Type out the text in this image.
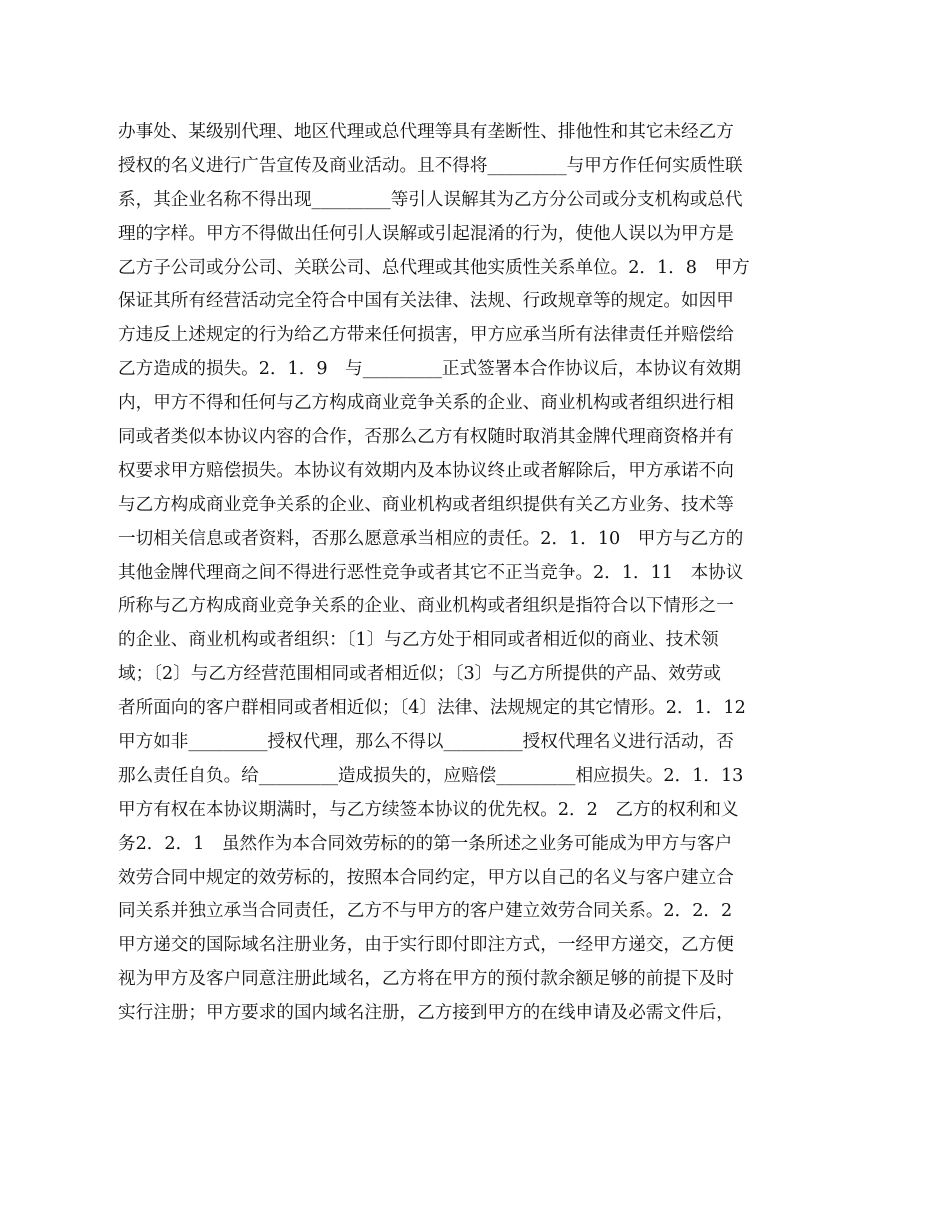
办事处、某级别代理、地区代理或总代理等具有垄断性、排他性和其它未经乙方
授权的名义进行广告宣传及商业活动。且不得将_________与甲方作任何实质性联
系，其企业名称不得出现_________等引人误解其为乙方分公司或分支机构或总代
理的字样。甲方不得做出任何引人误解或引起混淆的行为，使他人误以为甲方是
乙方子公司或分公司、关联公司、总代理或其他实质性关系单位。2．1．8　甲方
保证其所有经营活动完全符合中国有关法律、法规、行政规章等的规定。如因甲
方违反上述规定的行为给乙方带来任何损害，甲方应承当所有法律责任并赔偿给
乙方造成的损失。2．1．9　与_________正式签署本合作协议后，本协议有效期
内，甲方不得和任何与乙方构成商业竞争关系的企业、商业机构或者组织进行相
同或者类似本协议内容的合作，否那么乙方有权随时取消其金牌代理商资格并有
权要求甲方赔偿损失。本协议有效期内及本协议终止或者解除后，甲方承诺不向
与乙方构成商业竞争关系的企业、商业机构或者组织提供有关乙方业务、技术等
一切相关信息或者资料，否那么愿意承当相应的责任。2．1．10　甲方与乙方的
其他金牌代理商之间不得进行恶性竞争或者其它不正当竞争。2．1．11　本协议
所称与乙方构成商业竞争关系的企业、商业机构或者组织是指符合以下情形之一
的企业、商业机构或者组织：〔1〕与乙方处于相同或者相近似的商业、技术领
域；〔2〕与乙方经营范围相同或者相近似；〔3〕与乙方所提供的产品、效劳或
者所面向的客户群相同或者相近似；〔4〕法律、法规规定的其它情形。2．1．12
甲方如非_________授权代理，那么不得以_________授权代理名义进行活动，否
那么责任自负。给_________造成损失的，应赔偿_________相应损失。2．1．13
甲方有权在本协议期满时，与乙方续签本协议的优先权。2．2　乙方的权利和义
务2．2．1　虽然作为本合同效劳标的的第一条所述之业务可能成为甲方与客户
效劳合同中规定的效劳标的，按照本合同约定，甲方以自己的名义与客户建立合
同关系并独立承当合同责任，乙方不与甲方的客户建立效劳合同关系。2．2．2
甲方递交的国际域名注册业务，由于实行即付即注方式，一经甲方递交，乙方便
视为甲方及客户同意注册此域名，乙方将在甲方的预付款余额足够的前提下及时
实行注册；甲方要求的国内域名注册，乙方接到甲方的在线申请及必需文件后，
